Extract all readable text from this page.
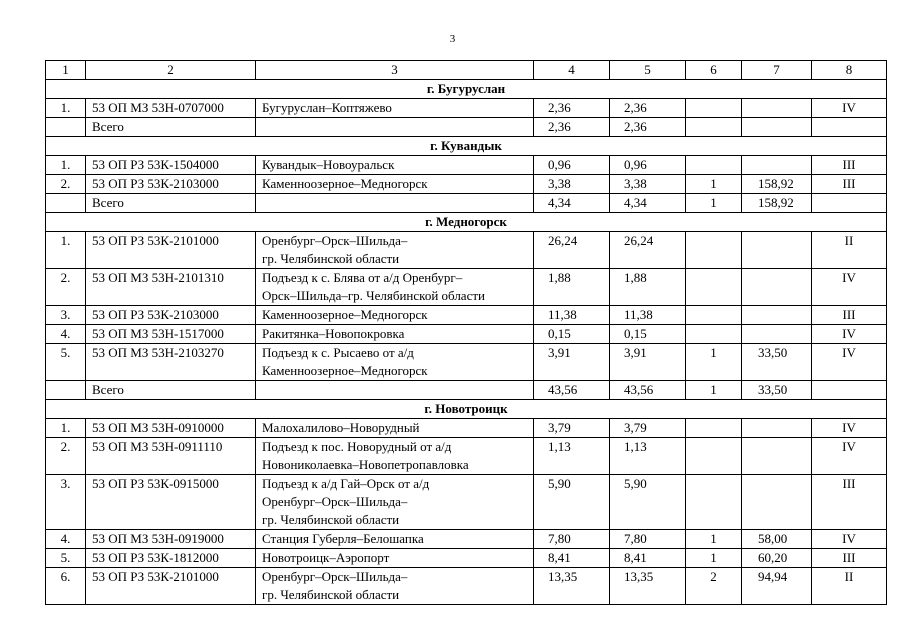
3
1	2	3	4	5	6	7	8
г. Бугуруслан							
1.	53 ОП МЗ 53Н-0707000	Бугуруслан–Коптяжево	2,36	2,36			IV
	Всего		2,36	2,36			
г. Кувандык							
1.	53 ОП РЗ 53К-1504000	Кувандык–Новоуральск	0,96	0,96			III
2.	53 ОП РЗ 53К-2103000	Каменноозерное–Медногорск	3,38	3,38	1	158,92	III
	Всего		4,34	4,34	1	158,92	
г. Медногорск							
1.	53 ОП РЗ 53К-2101000	Оренбург–Орск–Шильда–
гр. Челябинской области	26,24	26,24			II
2.	53 ОП МЗ 53Н-2101310	Подъезд к с. Блява от а/д Оренбург–
Орск–Шильда–гр. Челябинской области	1,88	1,88			IV
3.	53 ОП РЗ 53К-2103000	Каменноозерное–Медногорск	11,38	11,38			III
4.	53 ОП МЗ 53Н-1517000	Ракитянка–Новопокровка	0,15	0,15			IV
5.	53 ОП МЗ 53Н-2103270	Подъезд к с. Рысаево от а/д
Каменноозерное–Медногорск	3,91	3,91	1	33,50	IV
	Всего		43,56	43,56	1	33,50	
г. Новотроицк							
1.	53 ОП МЗ 53Н-0910000	Малохалилово–Новорудный	3,79	3,79			IV
2.	53 ОП МЗ 53Н-0911110	Подъезд к пос. Новорудный от а/д
Новониколаевка–Новопетропавловка	1,13	1,13			IV
3.	53 ОП РЗ 53К-0915000	Подъезд к а/д Гай–Орск от а/д
Оренбург–Орск–Шильда–
гр. Челябинской области	5,90	5,90			III
4.	53 ОП МЗ 53Н-0919000	Станция Губерля–Белошапка	7,80	7,80	1	58,00	IV
5.	53 ОП РЗ 53К-1812000	Новотроицк–Аэропорт	8,41	8,41	1	60,20	III
6.	53 ОП РЗ 53К-2101000	Оренбург–Орск–Шильда–
гр. Челябинской области	13,35	13,35	2	94,94	II
